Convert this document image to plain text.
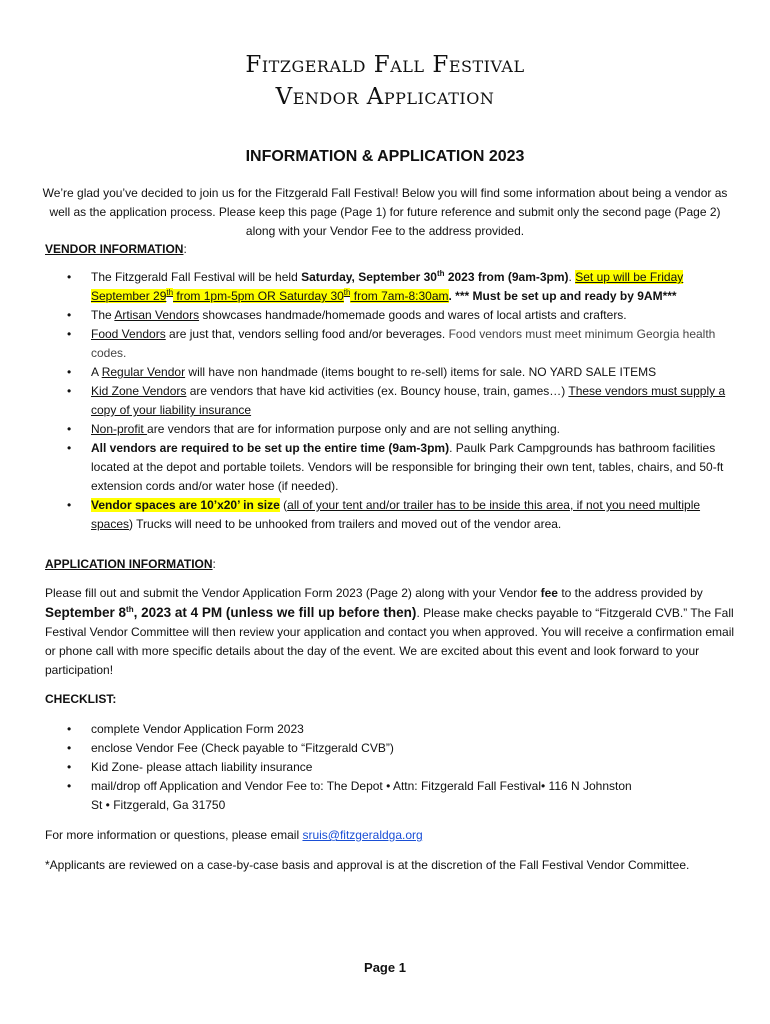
Fitzgerald Fall Festival
Vendor Application
INFORMATION & APPLICATION 2023
We’re glad you’ve decided to join us for the Fitzgerald Fall Festival! Below you will find some information about being a vendor as well as the application process. Please keep this page (Page 1) for future reference and submit only the second page (Page 2) along with your Vendor Fee to the address provided.
VENDOR INFORMATION:
• The Fitzgerald Fall Festival will be held Saturday, September 30th 2023 from (9am-3pm). Set up will be Friday September 29th from 1pm-5pm OR Saturday 30th from 7am-8:30am. *** Must be set up and ready by 9AM***
• The Artisan Vendors showcases handmade/homemade goods and wares of local artists and crafters.
• Food Vendors are just that, vendors selling food and/or beverages. Food vendors must meet minimum Georgia health codes.
• A Regular Vendor will have non handmade (items bought to re-sell) items for sale. NO YARD SALE ITEMS
• Kid Zone Vendors are vendors that have kid activities (ex. Bouncy house, train, games…) These vendors must supply a copy of your liability insurance
• Non-profit are vendors that are for information purpose only and are not selling anything.
• All vendors are required to be set up the entire time (9am-3pm). Paulk Park Campgrounds has bathroom facilities located at the depot and portable toilets. Vendors will be responsible for bringing their own tent, tables, chairs, and 50-ft extension cords and/or water hose (if needed).
• Vendor spaces are 10’x20’ in size (all of your tent and/or trailer has to be inside this area, if not you need multiple spaces) Trucks will need to be unhooked from trailers and moved out of the vendor area.
APPLICATION INFORMATION:
Please fill out and submit the Vendor Application Form 2023 (Page 2) along with your Vendor fee to the address provided by September 8th, 2023 at 4 PM (unless we fill up before then). Please make checks payable to “Fitzgerald CVB.” The Fall Festival Vendor Committee will then review your application and contact you when approved. You will receive a confirmation email or phone call with more specific details about the day of the event. We are excited about this event and look forward to your participation!
CHECKLIST:
• complete Vendor Application Form 2023
• enclose Vendor Fee (Check payable to “Fitzgerald CVB”)
• Kid Zone- please attach liability insurance
• mail/drop off Application and Vendor Fee to: The Depot • Attn: Fitzgerald Fall Festival• 116 N Johnston St • Fitzgerald, Ga 31750
For more information or questions, please email sruis@fitzgeraldga.org
*Applicants are reviewed on a case-by-case basis and approval is at the discretion of the Fall Festival Vendor Committee.
Page 1
